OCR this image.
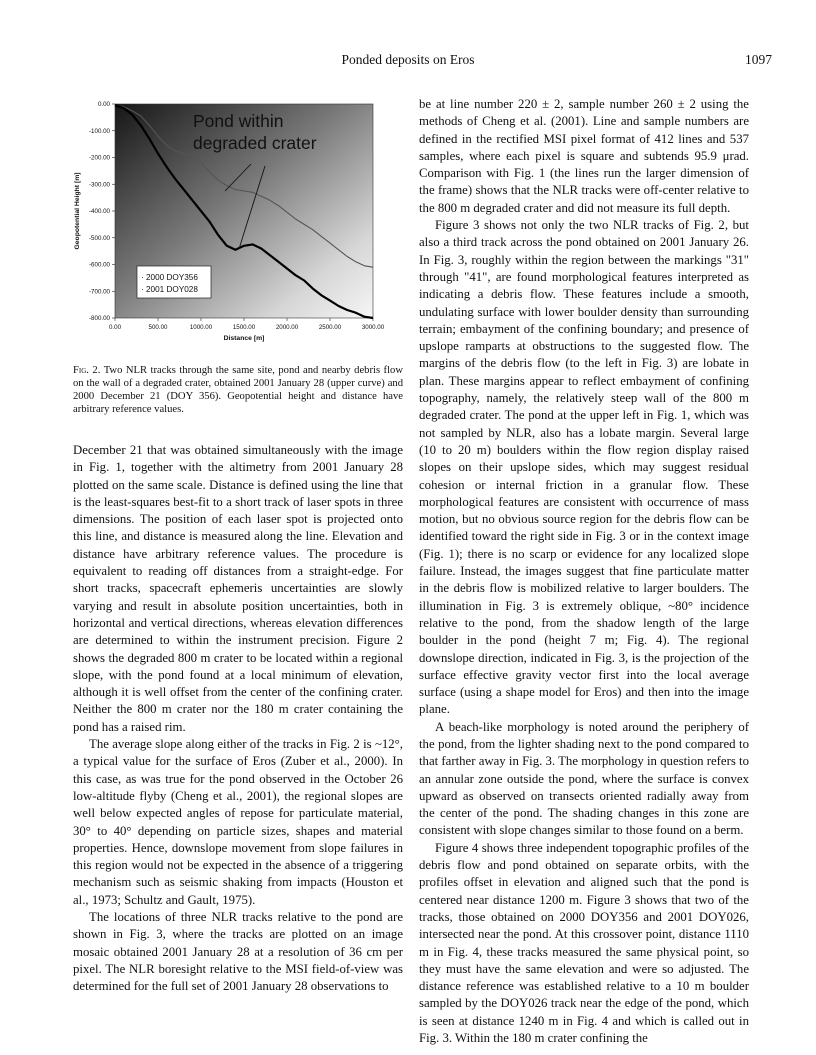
Ponded deposits on Eros	1097
0.00
-100.00
-200.00
-300.00
-400.00
-500.00
-600.00
-700.00
-800.00
0.00	500.00	1000.00	1500.00	2000.00	2500.00	3000.00
Pond within
degraded crater
· 2000 DOY356
· 2001 DOY028
Distance [m]
Geopotential Height [m]
Fig. 2. Two NLR tracks through the same site, pond and nearby debris flow on the wall of a degraded crater, obtained 2001 January 28 (upper curve) and 2000 December 21 (DOY 356). Geopotential height and distance have arbitrary reference values.

December 21 that was obtained simultaneously with the image in Fig. 1, together with the altimetry from 2001 January 28 plotted on the same scale. Distance is defined using the line that is the least-squares best-fit to a short track of laser spots in three dimensions. The position of each laser spot is projected onto this line, and distance is measured along the line. Elevation and distance have arbitrary reference values. The procedure is equivalent to reading off distances from a straight-edge. For short tracks, spacecraft ephemeris uncertainties are slowly varying and result in absolute position uncertainties, both in horizontal and vertical directions, whereas elevation differences are determined to within the instrument precision. Figure 2 shows the degraded 800 m crater to be located within a regional slope, with the pond found at a local minimum of elevation, although it is well offset from the center of the confining crater. Neither the 800 m crater nor the 180 m crater containing the pond has a raised rim.

The average slope along either of the tracks in Fig. 2 is ~12°, a typical value for the surface of Eros (Zuber et al., 2000). In this case, as was true for the pond observed in the October 26 low-altitude flyby (Cheng et al., 2001), the regional slopes are well below expected angles of repose for particulate material, 30° to 40° depending on particle sizes, shapes and material properties. Hence, downslope movement from slope failures in this region would not be expected in the absence of a triggering mechanism such as seismic shaking from impacts (Houston et al., 1973; Schultz and Gault, 1975).

The locations of three NLR tracks relative to the pond are shown in Fig. 3, where the tracks are plotted on an image mosaic obtained 2001 January 28 at a resolution of 36 cm per pixel. The NLR boresight relative to the MSI field-of-view was determined for the full set of 2001 January 28 observations to

be at line number 220 ± 2, sample number 260 ± 2 using the methods of Cheng et al. (2001). Line and sample numbers are defined in the rectified MSI pixel format of 412 lines and 537 samples, where each pixel is square and subtends 95.9 μrad. Comparison with Fig. 1 (the lines run the larger dimension of the frame) shows that the NLR tracks were off-center relative to the 800 m degraded crater and did not measure its full depth.

Figure 3 shows not only the two NLR tracks of Fig. 2, but also a third track across the pond obtained on 2001 January 26. In Fig. 3, roughly within the region between the markings "31" through "41", are found morphological features interpreted as indicating a debris flow. These features include a smooth, undulating surface with lower boulder density than surrounding terrain; embayment of the confining boundary; and presence of upslope ramparts at obstructions to the suggested flow. The margins of the debris flow (to the left in Fig. 3) are lobate in plan. These margins appear to reflect embayment of confining topography, namely, the relatively steep wall of the 800 m degraded crater. The pond at the upper left in Fig. 1, which was not sampled by NLR, also has a lobate margin. Several large (10 to 20 m) boulders within the flow region display raised slopes on their upslope sides, which may suggest residual cohesion or internal friction in a granular flow. These morphological features are consistent with occurrence of mass motion, but no obvious source region for the debris flow can be identified toward the right side in Fig. 3 or in the context image (Fig. 1); there is no scarp or evidence for any localized slope failure. Instead, the images suggest that fine particulate matter in the debris flow is mobilized relative to larger boulders. The illumination in Fig. 3 is extremely oblique, ~80° incidence relative to the pond, from the shadow length of the large boulder in the pond (height 7 m; Fig. 4). The regional downslope direction, indicated in Fig. 3, is the projection of the surface effective gravity vector first into the local average surface (using a shape model for Eros) and then into the image plane.

A beach-like morphology is noted around the periphery of the pond, from the lighter shading next to the pond compared to that farther away in Fig. 3. The morphology in question refers to an annular zone outside the pond, where the surface is convex upward as observed on transects oriented radially away from the center of the pond. The shading changes in this zone are consistent with slope changes similar to those found on a berm.

Figure 4 shows three independent topographic profiles of the debris flow and pond obtained on separate orbits, with the profiles offset in elevation and aligned such that the pond is centered near distance 1200 m. Figure 3 shows that two of the tracks, those obtained on 2000 DOY356 and 2001 DOY026, intersected near the pond. At this crossover point, distance 1110 m in Fig. 4, these tracks measured the same physical point, so they must have the same elevation and were so adjusted. The distance reference was established relative to a 10 m boulder sampled by the DOY026 track near the edge of the pond, which is seen at distance 1240 m in Fig. 4 and which is called out in Fig. 3. Within the 180 m crater confining the
